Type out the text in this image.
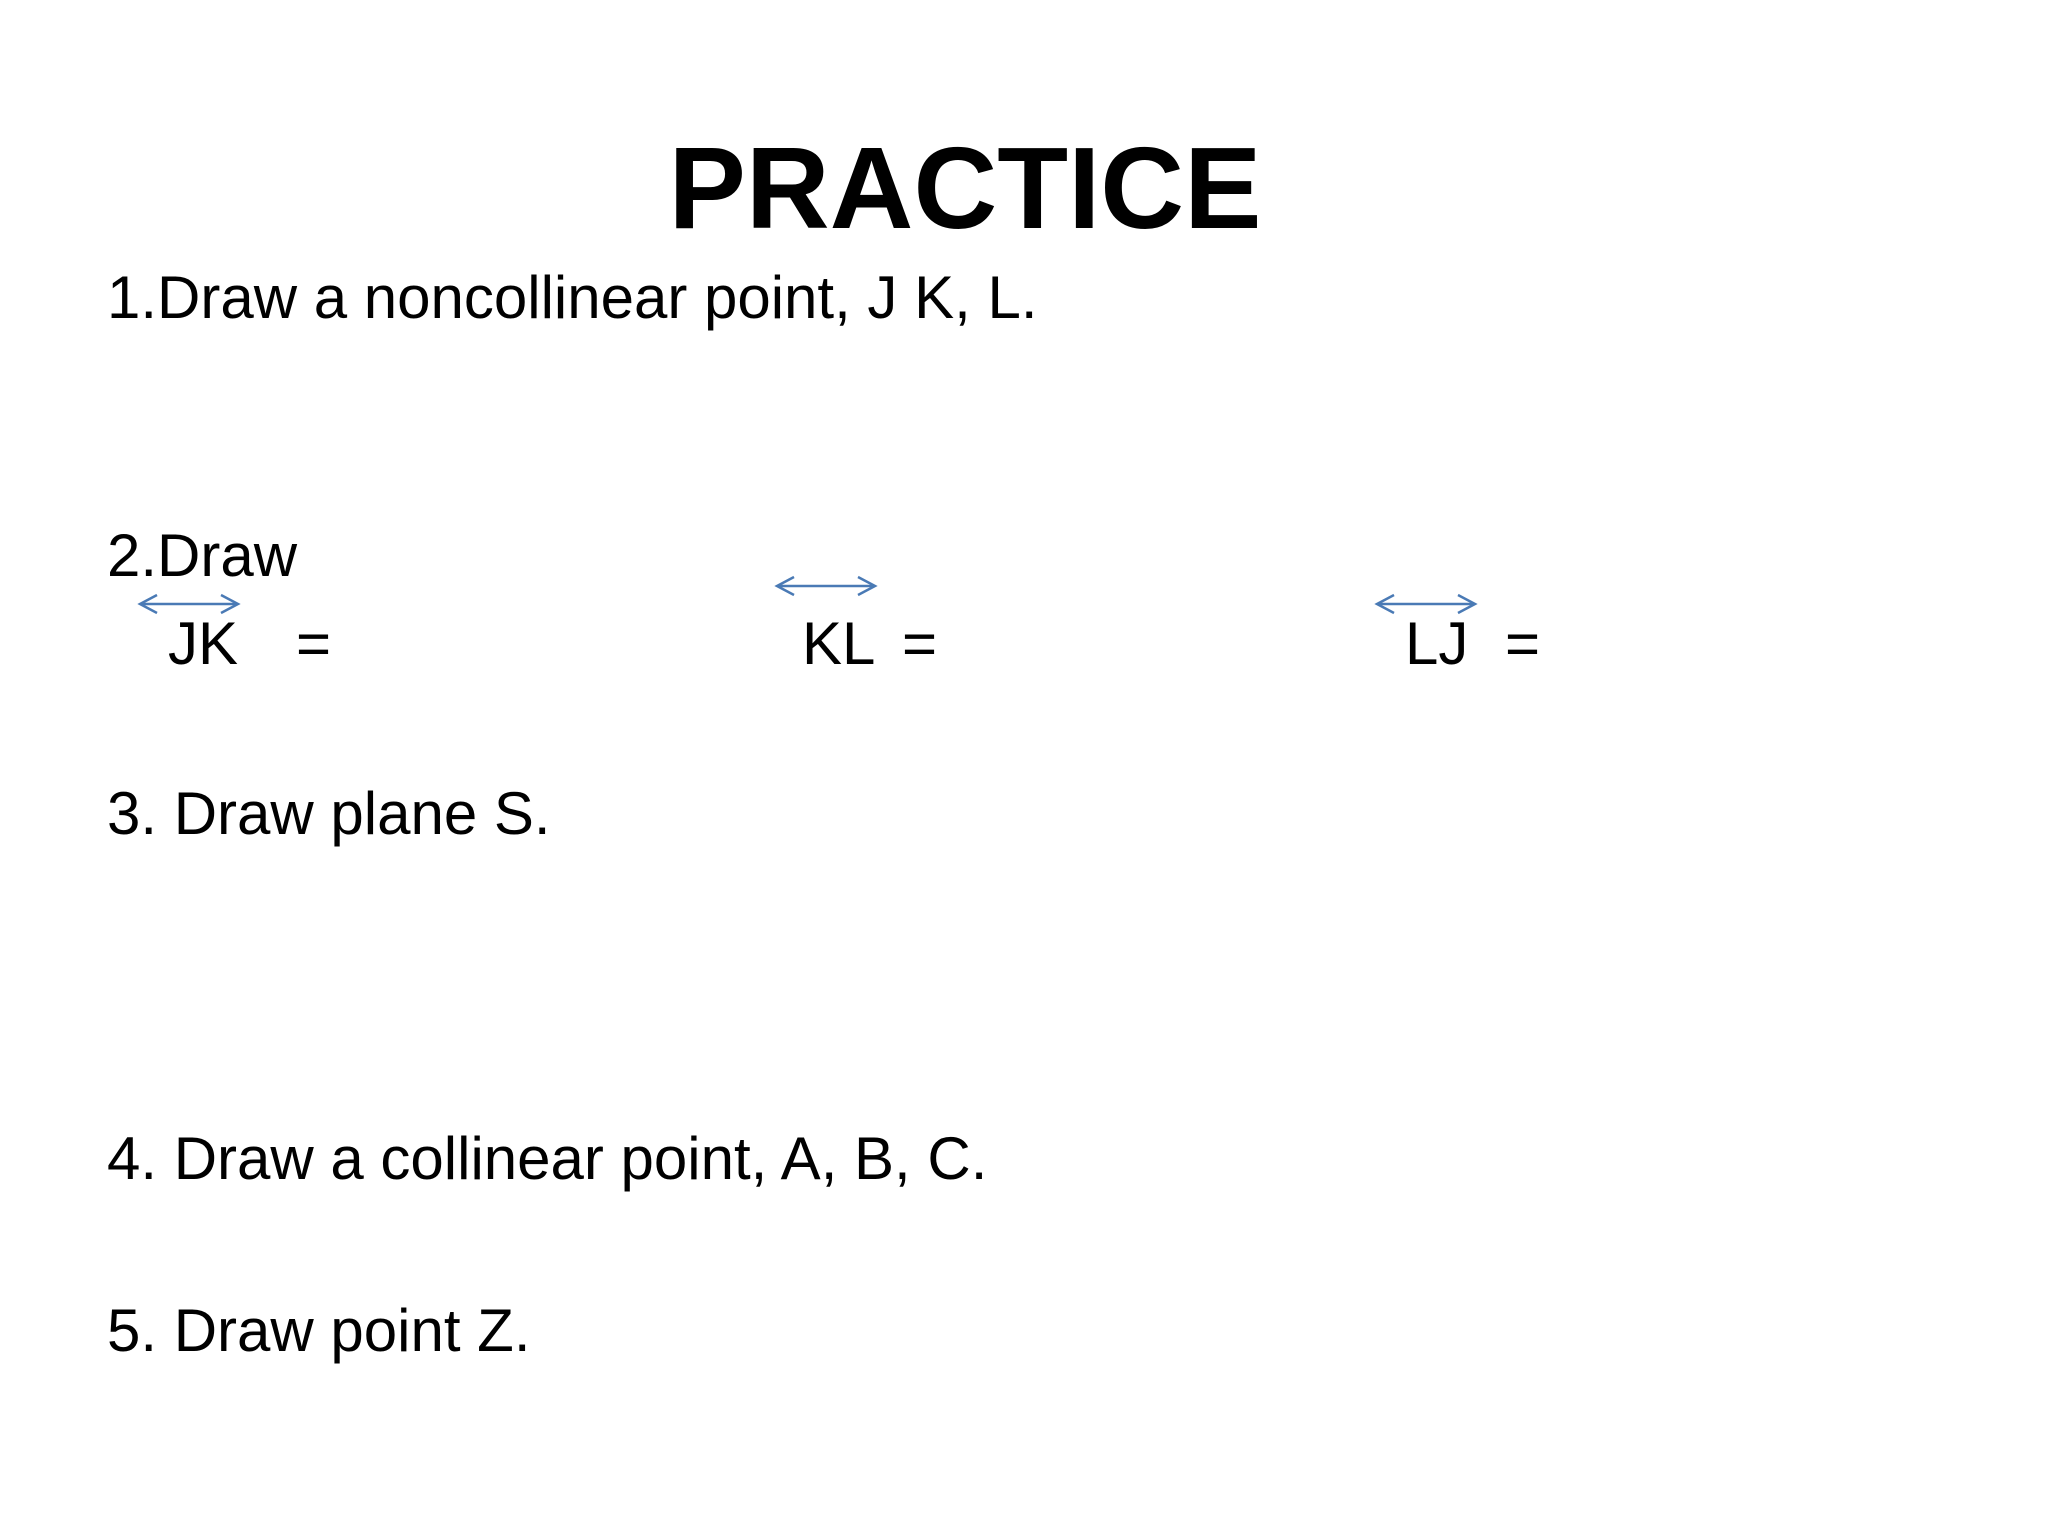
PRACTICE
1.Draw a noncollinear point, J K, L.
2.Draw
JK =	KL =	LJ =
3. Draw plane S.
4. Draw a collinear point, A, B, C.
5. Draw point Z.
